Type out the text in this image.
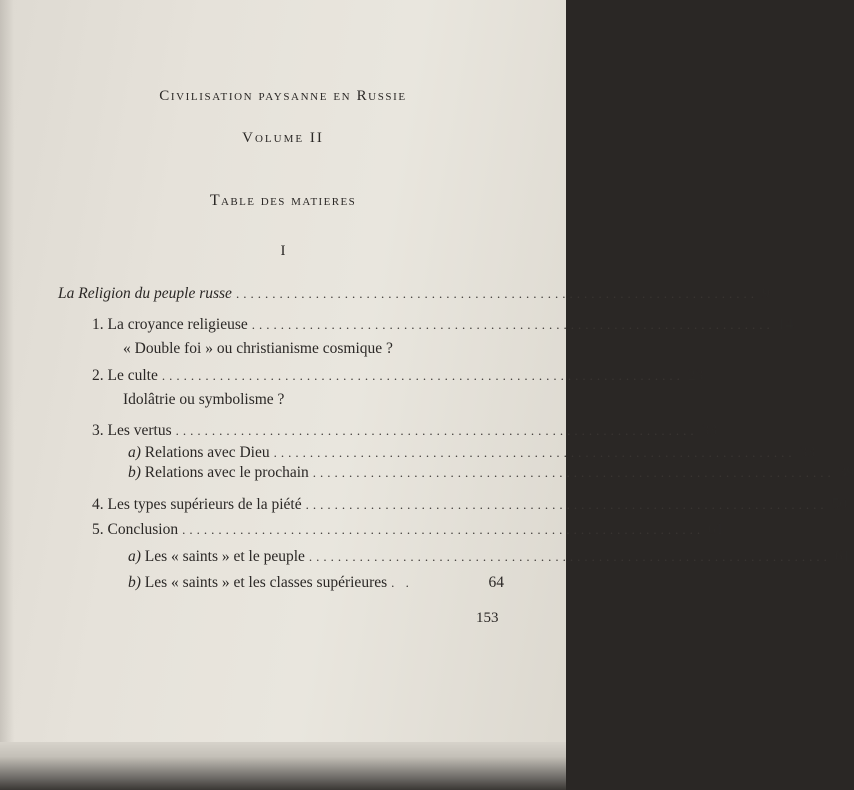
Civilisation paysanne en Russie
Volume II
Table des matieres
I
La Religion du peuple russe ........................................................................ 9
1. La croyance religieuse ........................................................................ 14
« Double foi » ou christianisme cosmique ?
2. Le culte ........................................................................ 23
Idolâtrie ou symbolisme ?
3. Les vertus ........................................................................ 33
a) Relations avec Dieu ........................................................................ 33
b) Relations avec le prochain ........................................................................ 39
4. Les types supérieurs de la piété ........................................................................ 50
5. Conclusion ........................................................................ 61
a) Les « saints » et le peuple ........................................................................ 61
b) Les « saints » et les classes supérieures . .	64
153
